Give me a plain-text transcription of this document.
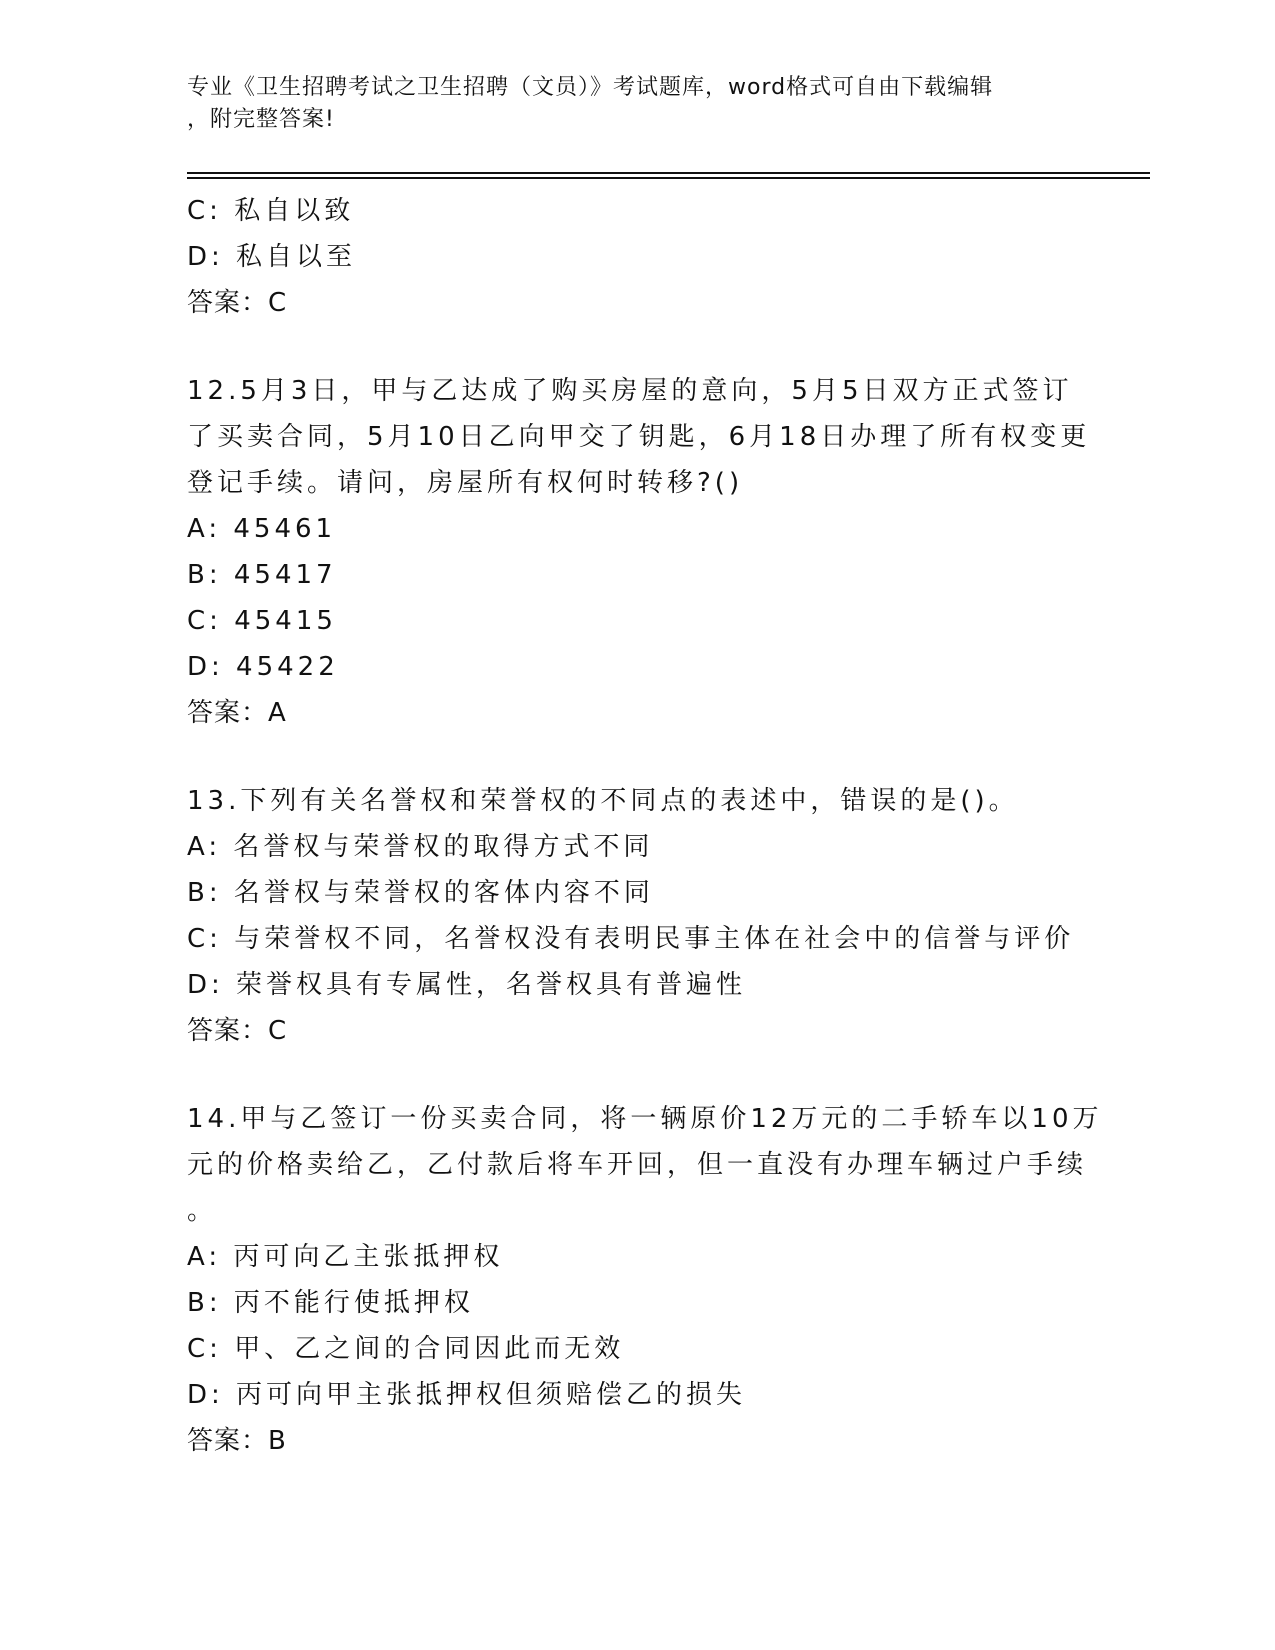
专业《卫生招聘考试之卫生招聘（文员）》考试题库，word格式可自由下载编辑
，附完整答案!
C: 私自以致
D: 私自以至
答案：C
12.5月3日，甲与乙达成了购买房屋的意向，5月5日双方正式签订
了买卖合同，5月10日乙向甲交了钥匙，6月18日办理了所有权变更
登记手续。请问，房屋所有权何时转移?()
A: 45461
B: 45417
C: 45415
D: 45422
答案：A
13.下列有关名誉权和荣誉权的不同点的表述中，错误的是()。
A: 名誉权与荣誉权的取得方式不同
B: 名誉权与荣誉权的客体内容不同
C: 与荣誉权不同，名誉权没有表明民事主体在社会中的信誉与评价
D: 荣誉权具有专属性，名誉权具有普遍性
答案：C
14.甲与乙签订一份买卖合同，将一辆原价12万元的二手轿车以10万
元的价格卖给乙，乙付款后将车开回，但一直没有办理车辆过户手续
。
A: 丙可向乙主张抵押权
B: 丙不能行使抵押权
C: 甲、乙之间的合同因此而无效
D: 丙可向甲主张抵押权但须赔偿乙的损失
答案：B
